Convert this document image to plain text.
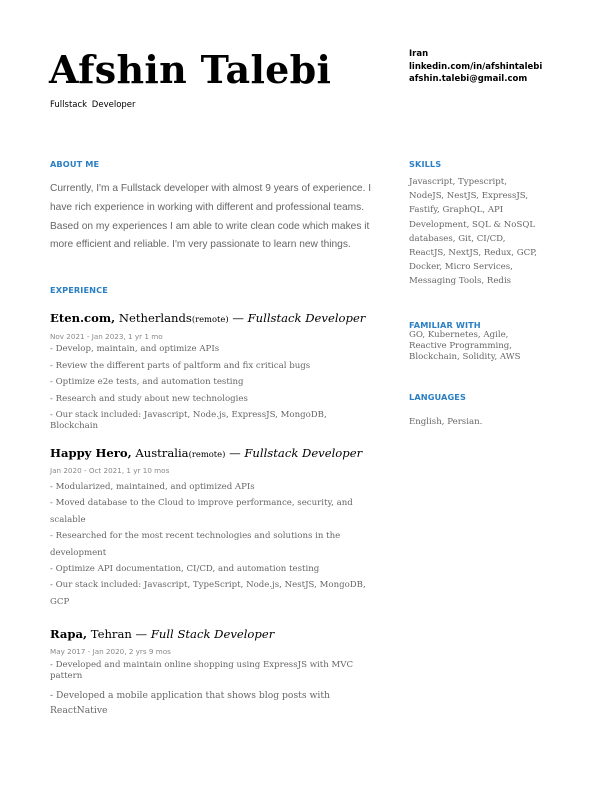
Afshin Talebi
Fullstack Developer
Iran
linkedin.com/in/afshintalebi
afshin.talebi@gmail.com
ABOUT ME
Currently, I'm a Fullstack developer with almost 9 years of experience. I
have rich experience in working with different and professional teams.
Based on my experiences I am able to write clean code which makes it
more efficient and reliable. I'm very passionate to learn new things.
EXPERIENCE
Eten.com, Netherlands(remote) — Fullstack Developer
Nov 2021 - Jan 2023, 1 yr 1 mo
- Develop, maintain, and optimize APIs
- Review the different parts of paltform and fix critical bugs
- Optimize e2e tests, and automation testing
- Research and study about new technologies
- Our stack included: Javascript, Node.js, ExpressJS, MongoDB,
Blockchain
Happy Hero, Australia(remote) — Fullstack Developer
Jan 2020 - Oct 2021, 1 yr 10 mos
- Modularized, maintained, and optimized APIs
- Moved database to the Cloud to improve performance, security, and
scalable
- Researched for the most recent technologies and solutions in the
development
- Optimize API documentation, CI/CD, and automation testing
- Our stack included: Javascript, TypeScript, Node.js, NestJS, MongoDB,
GCP
Rapa, Tehran — Full Stack Developer
May 2017 - Jan 2020, 2 yrs 9 mos
- Developed and maintain online shopping using ExpressJS with MVC
pattern
- Developed a mobile application that shows blog posts with
ReactNative
SKILLS
Javascript, Typescript,
NodeJS, NestJS, ExpressJS,
Fastify, GraphQL, API
Development, SQL & NoSQL
databases, Git, CI/CD,
ReactJS, NextJS, Redux, GCP,
Docker, Micro Services,
Messaging Tools, Redis
FAMILIAR WITH
GO, Kubernetes, Agile,
Reactive Programming,
Blockchain, Solidity, AWS
LANGUAGES
English, Persian.
